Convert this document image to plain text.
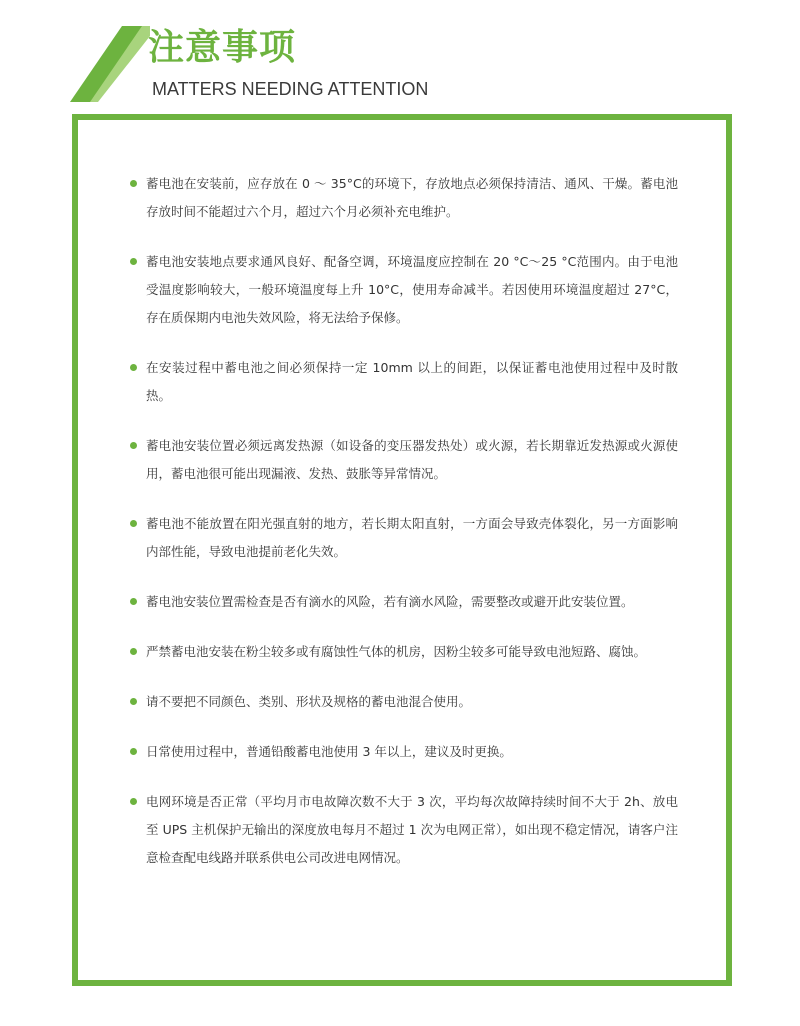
注意事项

MATTERS NEEDING ATTENTION

蓄电池在安装前，应存放在 0 ～ 35°C的环境下，存放地点必须保持清洁、通风、干燥。蓄电池存放时间不能超过六个月，超过六个月必须补充电维护。
蓄电池安装地点要求通风良好、配备空调，环境温度应控制在 20 °C～25 °C范围内。由于电池受温度影响较大，一般环境温度每上升 10°C，使用寿命减半。若因使用环境温度超过 27°C，存在质保期内电池失效风险，将无法给予保修。
在安装过程中蓄电池之间必须保持一定 10mm 以上的间距，以保证蓄电池使用过程中及时散热。
蓄电池安装位置必须远离发热源（如设备的变压器发热处）或火源，若长期靠近发热源或火源使用，蓄电池很可能出现漏液、发热、鼓胀等异常情况。
蓄电池不能放置在阳光强直射的地方，若长期太阳直射，一方面会导致壳体裂化，另一方面影响内部性能，导致电池提前老化失效。
蓄电池安装位置需检查是否有滴水的风险，若有滴水风险，需要整改或避开此安装位置。
严禁蓄电池安装在粉尘较多或有腐蚀性气体的机房，因粉尘较多可能导致电池短路、腐蚀。
请不要把不同颜色、类别、形状及规格的蓄电池混合使用。
日常使用过程中，普通铅酸蓄电池使用 3 年以上，建议及时更换。
电网环境是否正常（平均月市电故障次数不大于 3 次，平均每次故障持续时间不大于 2h、放电至 UPS 主机保护无输出的深度放电每月不超过 1 次为电网正常），如出现不稳定情况，请客户注意检查配电线路并联系供电公司改进电网情况。
